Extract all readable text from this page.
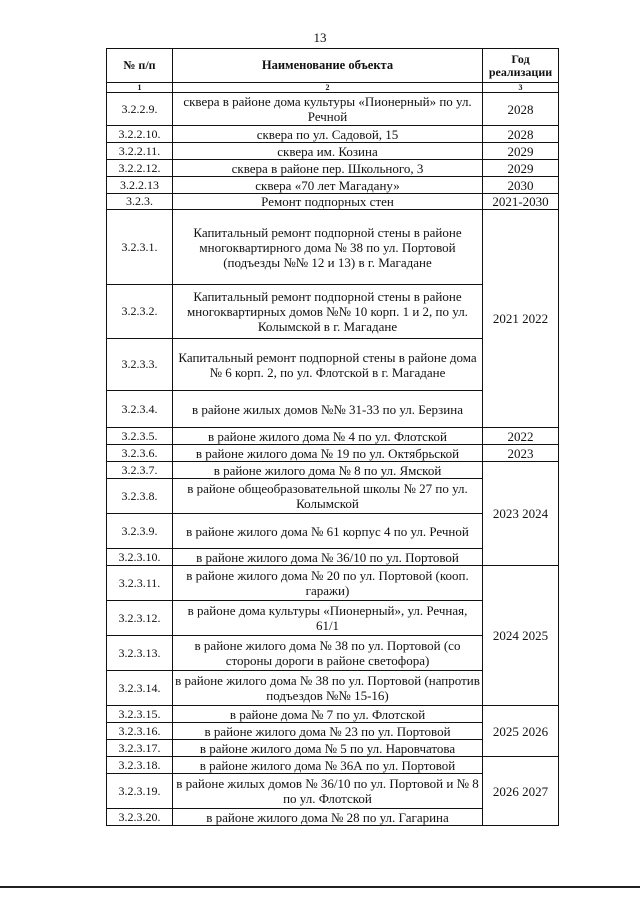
13
№ п/п	Наименование объекта	Год реализации
1	2	3
3.2.2.9.	сквера в районе дома культуры «Пионерный» по ул. Речной	2028
3.2.2.10.	сквера по ул. Садовой, 15	2028
3.2.2.11.	сквера им. Козина	2029
3.2.2.12.	сквера в районе пер. Школьного, 3	2029
3.2.2.13	сквера «70 лет Магадану»	2030
3.2.3.	Ремонт подпорных стен	2021-2030
3.2.3.1.	Капитальный ремонт подпорной стены в районе многоквартирного дома № 38 по ул. Портовой (подъезды №№ 12 и 13) в г. Магадане	2021 2022
3.2.3.2.	Капитальный ремонт подпорной стены в районе многоквартирных домов №№ 10 корп. 1 и 2, по ул. Колымской в г. Магадане	
3.2.3.3.	Капитальный ремонт подпорной стены в районе дома № 6 корп. 2, по ул. Флотской в г. Магадане	
3.2.3.4.	в районе жилых домов №№ 31-33 по ул. Берзина	
3.2.3.5.	в районе жилого дома № 4 по ул. Флотской	2022
3.2.3.6.	в районе жилого дома № 19 по ул. Октябрьской	2023
3.2.3.7.	в районе жилого дома № 8 по ул. Ямской	2023 2024
3.2.3.8.	в районе общеобразовательной школы № 27 по ул. Колымской	
3.2.3.9.	в районе жилого дома № 61 корпус 4 по ул. Речной	
3.2.3.10.	в районе жилого дома № 36/10 по ул. Портовой	
3.2.3.11.	в районе жилого дома № 20 по ул. Портовой (кооп. гаражи)	2024 2025
3.2.3.12.	в районе дома культуры «Пионерный», ул. Речная, 61/1	
3.2.3.13.	в районе жилого дома № 38 по ул. Портовой (со стороны дороги в районе светофора)	
3.2.3.14.	в районе жилого дома № 38 по ул. Портовой (напротив подъездов №№ 15-16)	
3.2.3.15.	в районе дома № 7 по ул. Флотской	2025 2026
3.2.3.16.	в районе жилого дома № 23 по ул. Портовой	
3.2.3.17.	в районе жилого дома № 5 по ул. Наровчатова	
3.2.3.18.	в районе жилого дома № 36А по ул. Портовой	2026 2027
3.2.3.19.	в районе жилых домов № 36/10 по ул. Портовой и № 8 по ул. Флотской	
3.2.3.20.	в районе жилого дома № 28 по ул. Гагарина	
